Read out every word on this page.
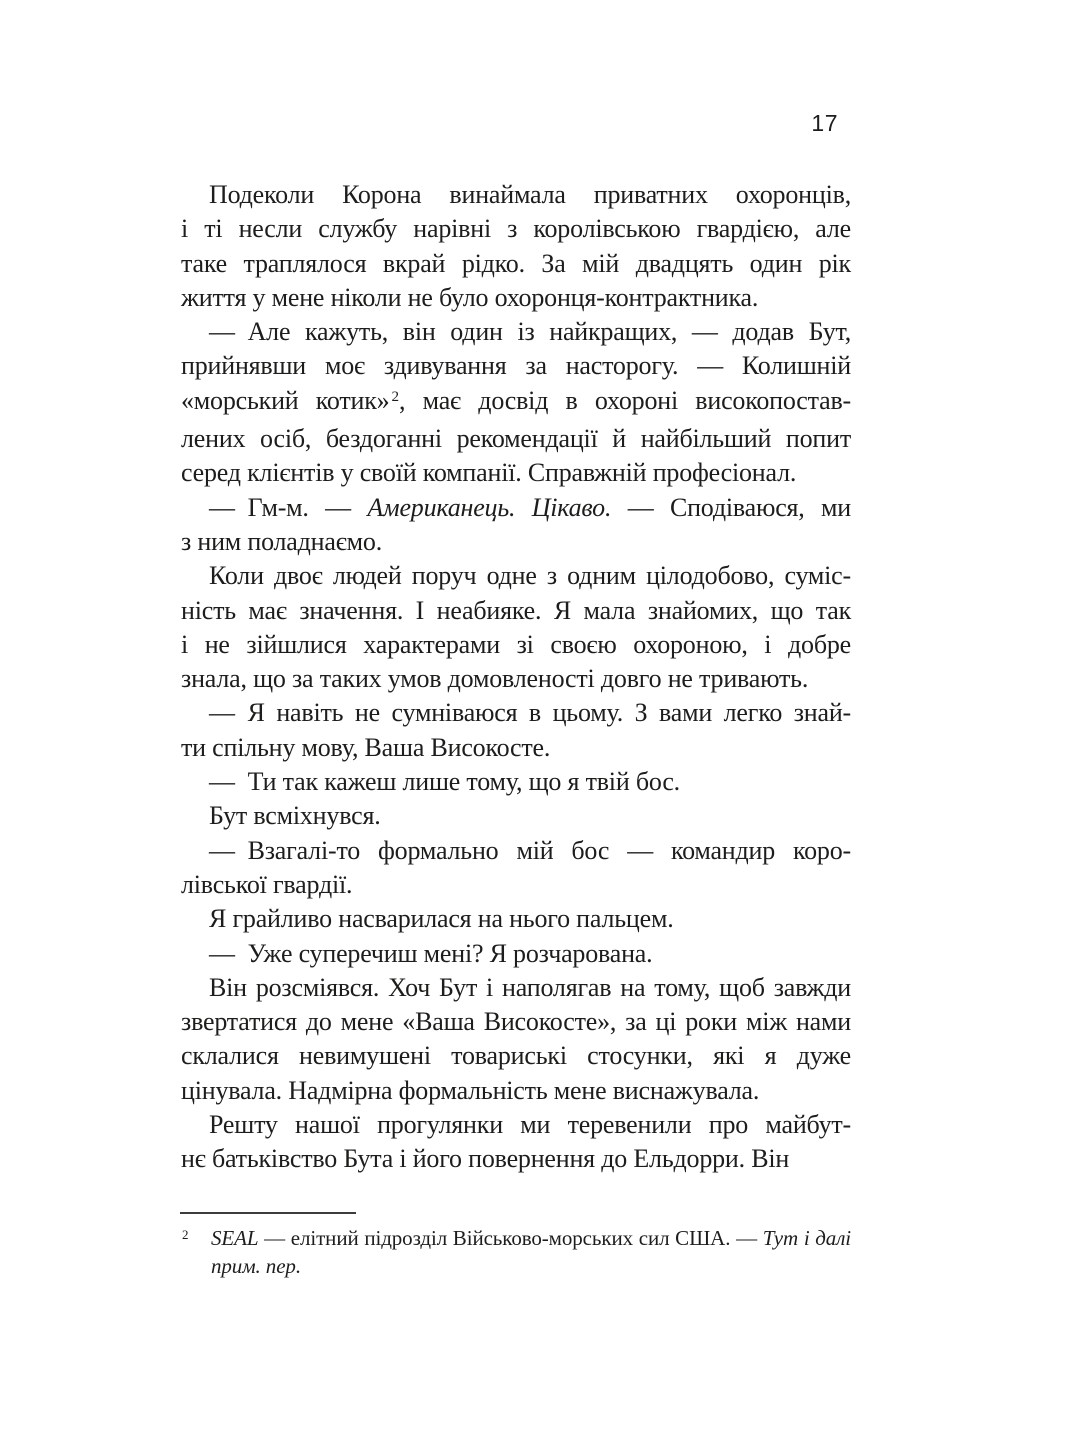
17
Подеколи Корона винаймала приватних охоронців,
і ті несли службу нарівні з королівською гвардією, але
таке траплялося вкрай рідко. За мій двадцять один рік
життя у мене ніколи не було охоронця-контрактника.
— Але кажуть, він один із найкращих, — додав Бут,
прийнявши моє здивування за насторогу. — Колишній
«морський котик» $^2$, має досвід в охороні високопостав-
лених осіб, бездоганні рекомендації й найбільший попит
серед клієнтів у своїй компанії. Справжній професіонал.
— Гм-м. — Американець. Цікаво. — Сподіваюся, ми
з ним поладнаємо.
Коли двоє людей поруч одне з одним цілодобово, суміс-
ність має значення. І неабияке. Я мала знайомих, що так
і не зійшлися характерами зі своєю охороною, і добре
знала, що за таких умов домовленості довго не тривають.
— Я навіть не сумніваюся в цьому. З вами легко знай-
ти спільну мову, Ваша Високосте.
— Ти так кажеш лише тому, що я твій бос.
Бут всміхнувся.
— Взагалі-то формально мій бос — командир коро-
лівської гвардії.
Я грайливо насварилася на нього пальцем.
— Уже суперечиш мені? Я розчарована.
Він розсміявся. Хоч Бут і наполягав на тому, щоб завжди
звертатися до мене «Ваша Високосте», за ці роки між нами
склалися невимушені товариські стосунки, які я дуже
цінувала. Надмірна формальність мене виснажувала.
Решту нашої прогулянки ми теревенили про майбут-
нє батьківство Бута і його повернення до Ельдорри. Він
2 SEAL — елітний підрозділ Військово-морських сил США. — Тут і далі
прим. пер.
